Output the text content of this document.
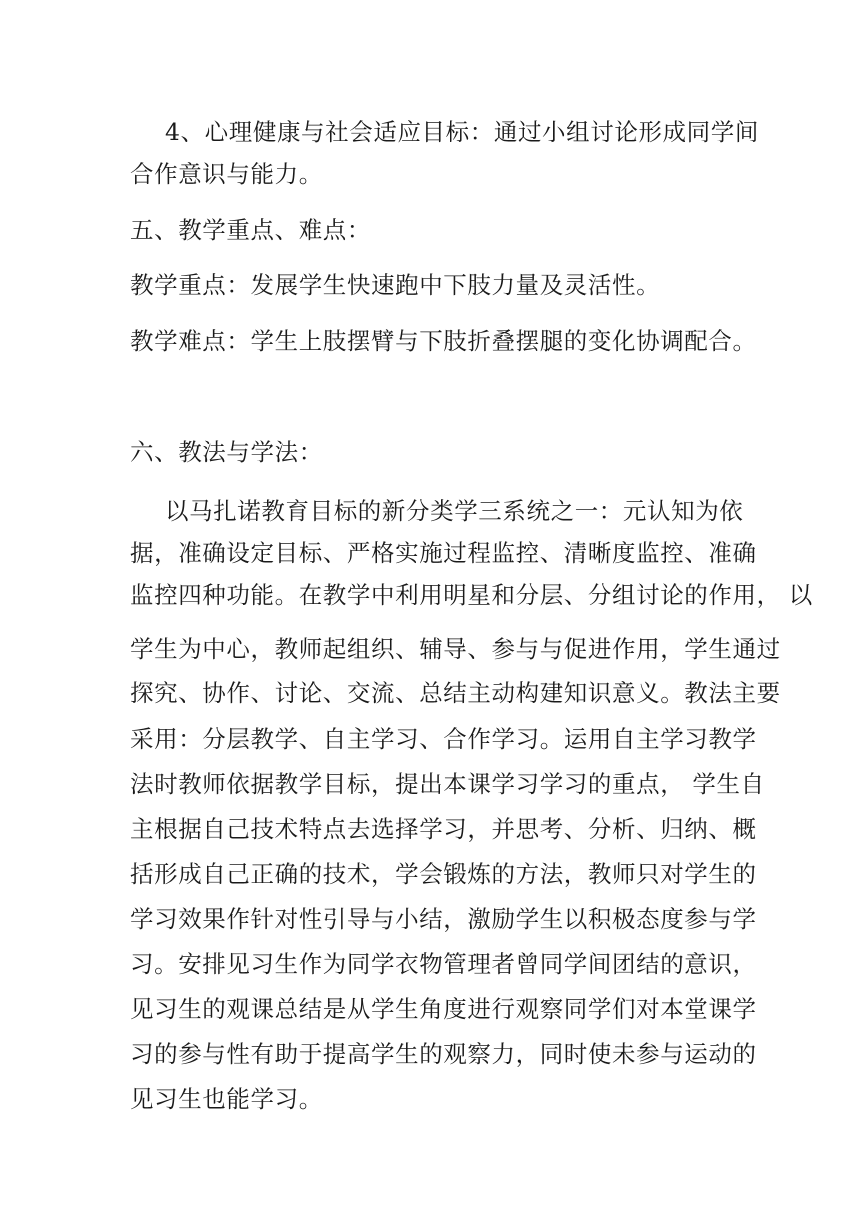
4、心理健康与社会适应目标：通过小组讨论形成同学间
合作意识与能力。
五、教学重点、难点：
教学重点：发展学生快速跑中下肢力量及灵活性。
教学难点：学生上肢摆臂与下肢折叠摆腿的变化协调配合。
六、教法与学法：
以马扎诺教育目标的新分类学三系统之一：元认知为依
据，准确设定目标、严格实施过程监控、清晰度监控、准确
监控四种功能。在教学中利用明星和分层、分组讨论的作用， 以
学生为中心，教师起组织、辅导、参与与促进作用，学生通过
探究、协作、讨论、交流、总结主动构建知识意义。教法主要
采用：分层教学、自主学习、合作学习。运用自主学习教学
法时教师依据教学目标，提出本课学习学习的重点， 学生自
主根据自己技术特点去选择学习，并思考、分析、归纳、概
括形成自己正确的技术，学会锻炼的方法，教师只对学生的
学习效果作针对性引导与小结，激励学生以积极态度参与学
习。安排见习生作为同学衣物管理者曾同学间团结的意识，
见习生的观课总结是从学生角度进行观察同学们对本堂课学
习的参与性有助于提高学生的观察力，同时使未参与运动的
见习生也能学习。
